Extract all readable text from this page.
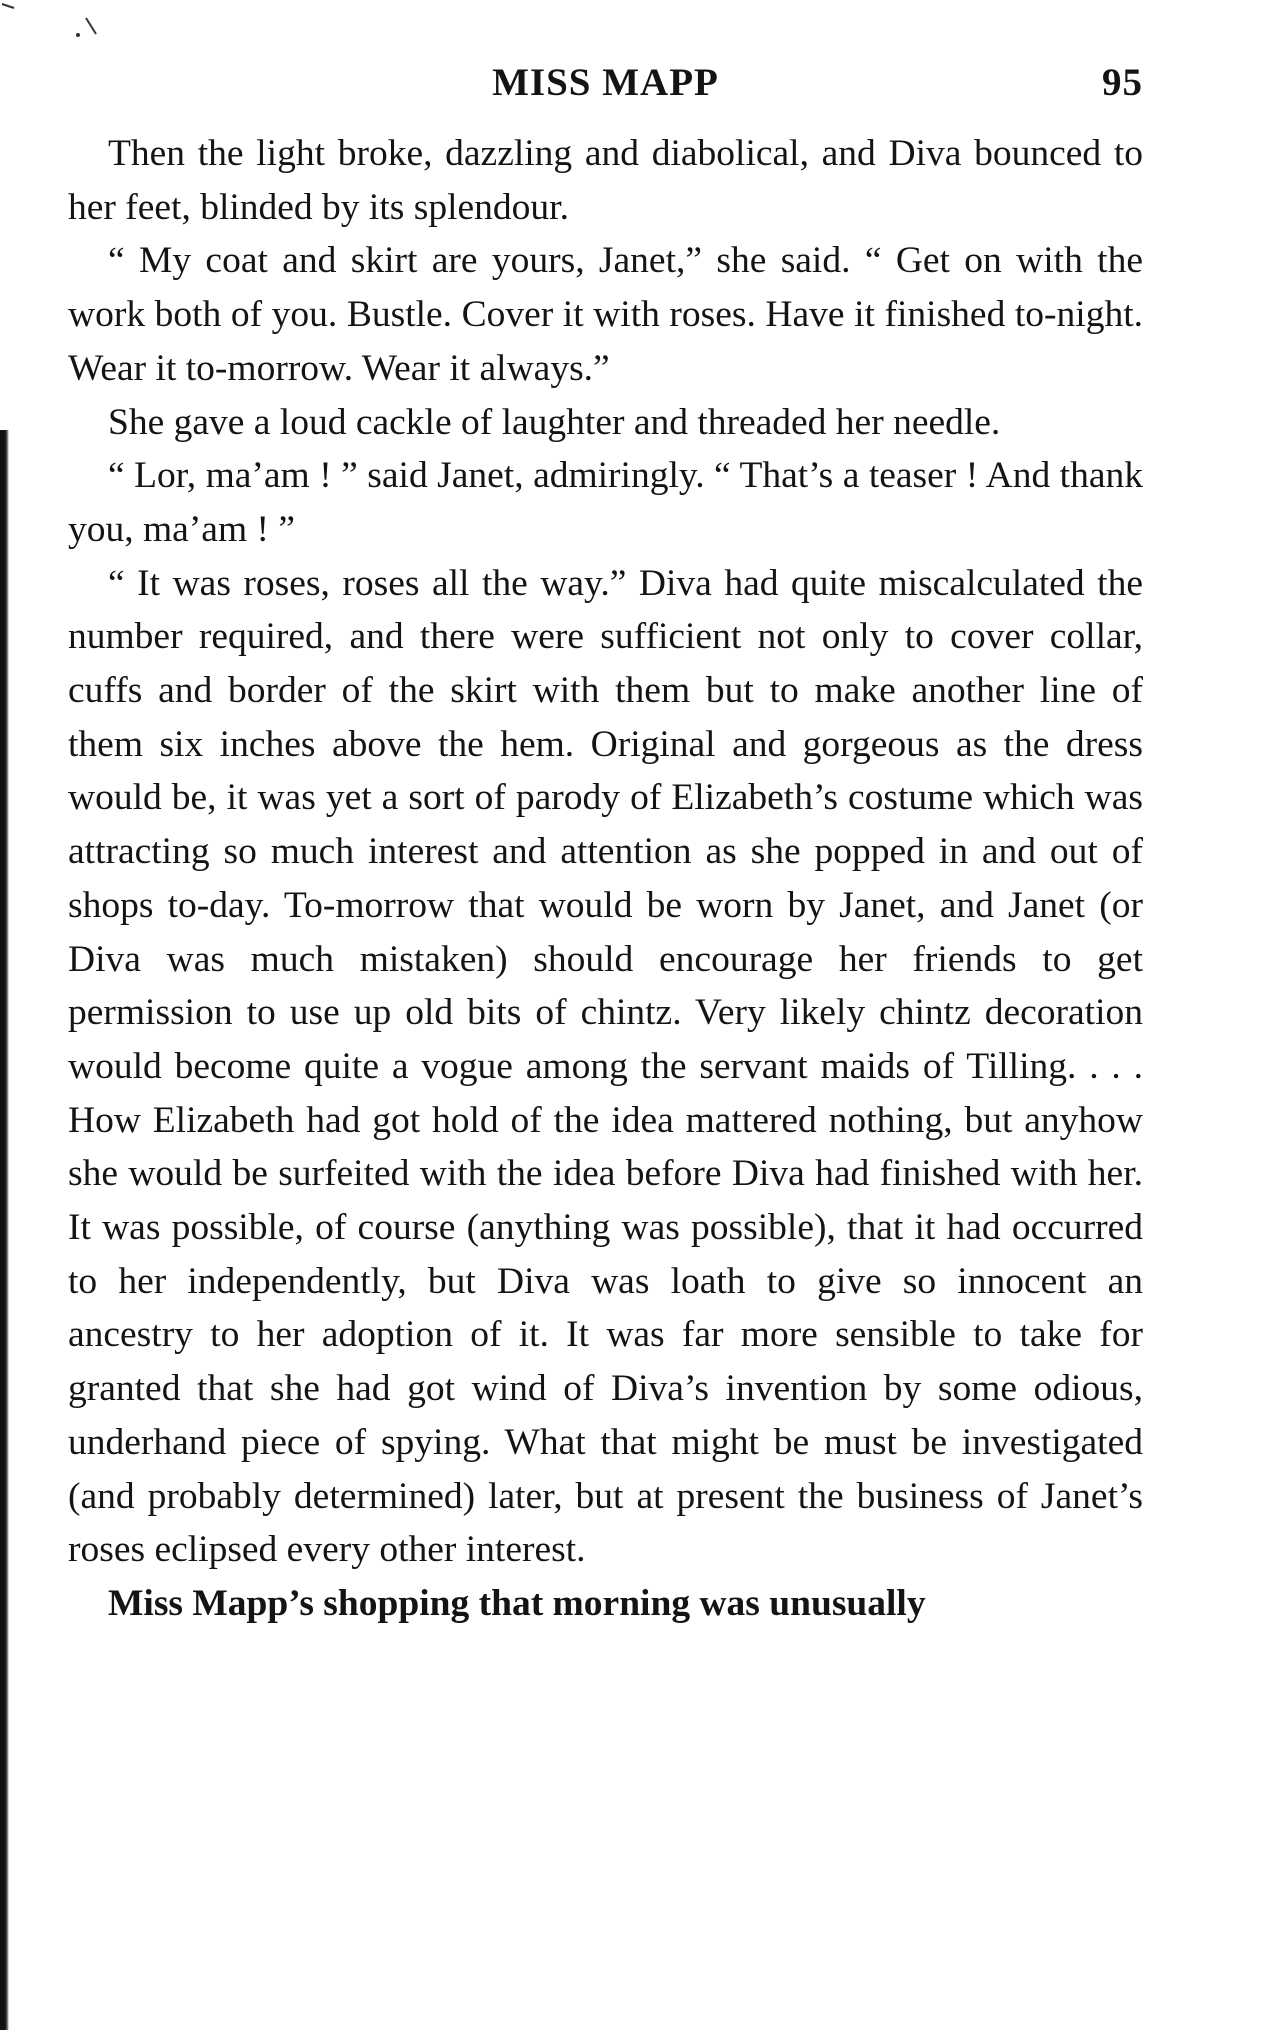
MISS MAPP	95

Then the light broke, dazzling and diabolical, and Diva bounced to her feet, blinded by its splendour.

“ My coat and skirt are yours, Janet,” she said. “ Get on with the work both of you. Bustle. Cover it with roses. Have it finished to-night. Wear it to-morrow. Wear it always.”

She gave a loud cackle of laughter and threaded her needle.

“ Lor, ma’am ! ” said Janet, admiringly. “ That’s a teaser ! And thank you, ma’am ! ”

“ It was roses, roses all the way.” Diva had quite miscalculated the number required, and there were sufficient not only to cover collar, cuffs and border of the skirt with them but to make another line of them six inches above the hem. Original and gorgeous as the dress would be, it was yet a sort of parody of Elizabeth’s costume which was attracting so much interest and attention as she popped in and out of shops to-day. To-morrow that would be worn by Janet, and Janet (or Diva was much mistaken) should encourage her friends to get permission to use up old bits of chintz. Very likely chintz decoration would become quite a vogue among the servant maids of Tilling. . . . How Elizabeth had got hold of the idea mattered nothing, but anyhow she would be surfeited with the idea before Diva had finished with her. It was possible, of course (anything was possible), that it had occurred to her independently, but Diva was loath to give so innocent an ancestry to her adoption of it. It was far more sensible to take for granted that she had got wind of Diva’s invention by some odious, underhand piece of spying. What that might be must be investigated (and probably determined) later, but at present the business of Janet’s roses eclipsed every other interest.

Miss Mapp’s shopping that morning was unusually
